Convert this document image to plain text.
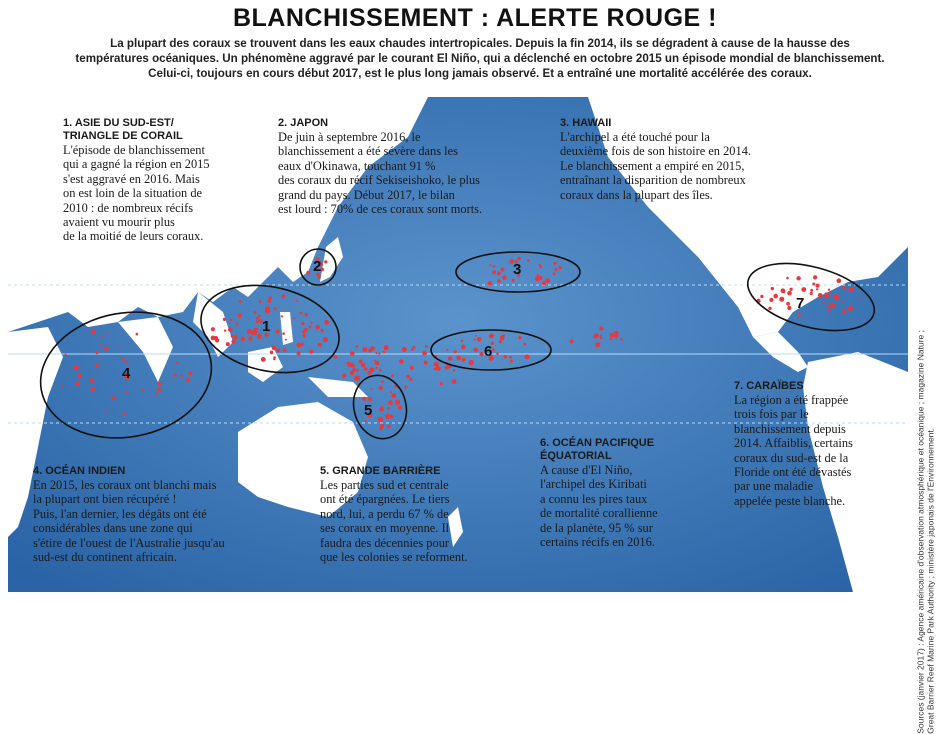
BLANCHISSEMENT : ALERTE ROUGE !
La plupart des coraux se trouvent dans les eaux chaudes intertropicales. Depuis la fin 2014, ils se dégradent à cause de la hausse des
températures océaniques. Un phénomène aggravé par le courant El Niño, qui a déclenché en octobre 2015 un épisode mondial de blanchissement.
Celui-ci, toujours en cours début 2017, est le plus long jamais observé. Et a entraîné une mortalité accélérée des coraux.
1
2	3
4
5
6
7
1. ASIE DU SUD-EST/
TRIANGLE DE CORAIL
L'épisode de blanchissement
qui a gagné la région en 2015
s'est aggravé en 2016. Mais
on est loin de la situation de
2010 : de nombreux récifs
avaient vu mourir plus
de la moitié de leurs coraux.
2. JAPON
De juin à septembre 2016, le
blanchissement a été sévère dans les
eaux d'Okinawa, touchant 91 %
des coraux du récif Sekiseishoko, le plus
grand du pays. Début 2017, le bilan
est lourd : 70% de ces coraux sont morts.
3. HAWAII
L'archipel a été touché pour la
deuxième fois de son histoire en 2014.
Le blanchissement a empiré en 2015,
entraînant la disparition de nombreux
coraux dans la plupart des îles.
4. OCÉAN INDIEN
En 2015, les coraux ont blanchi mais
la plupart ont bien récupéré !
Puis, l'an dernier, les dégâts ont été
considérables dans une zone qui
s'étire de l'ouest de l'Australie jusqu'au
sud-est du continent africain.
5. GRANDE BARRIÈRE
Les parties sud et centrale
ont été épargnées. Le tiers
nord, lui, a perdu 67 % de
ses coraux en moyenne. Il
faudra des décennies pour
que les colonies se reforment.
6. OCÉAN PACIFIQUE
ÉQUATORIAL
A cause d'El Niño,
l'archipel des Kiribati
a connu les pires taux
de mortalité corallienne
de la planète, 95 % sur
certains récifs en 2016.
7. CARAÏBES
La région a été frappée
trois fois par le
blanchissement depuis
2014. Affaiblis, certains
coraux du sud-est de la
Floride ont été dévastés
par une maladie
appelée peste blanche.	Sources (janvier 2017) : Agence américaine d'observation atmosphérique et océanique ; magazine Nature ; Great Barrier Reef Marine Park Authority ; ministère japonais de l'Environnement.
